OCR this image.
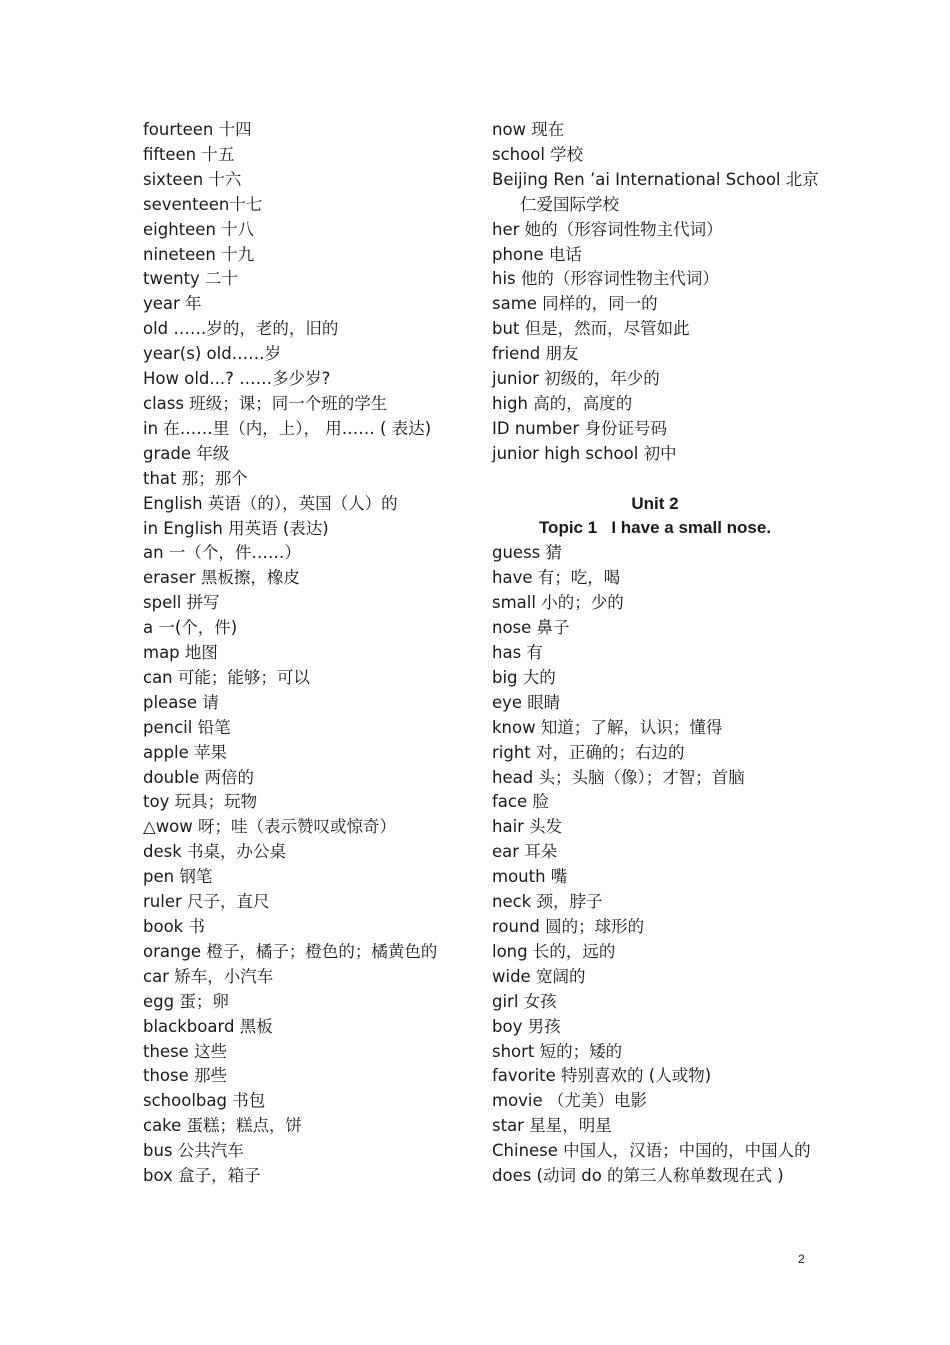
fourteen 十四
fifteen 十五
sixteen 十六
seventeen十七
eighteen 十八
nineteen 十九
twenty 二十
year 年
old ……岁的，老的，旧的
year(s) old……岁
How old...? ……多少岁?
class 班级；课；同一个班的学生
in 在……里（内，上）， 用…… ( 表达)
grade 年级
that 那；那个
English 英语（的），英国（人）的
in English 用英语 (表达)
an 一（个，件……）
eraser 黑板擦，橡皮
spell 拼写
a 一(个，件)
map 地图
can 可能；能够；可以
please 请
pencil 铅笔
apple 苹果
double 两倍的
toy 玩具；玩物
△wow 呀；哇（表示赞叹或惊奇）
desk 书桌，办公桌
pen 钢笔
ruler 尺子，直尺
book 书
orange 橙子，橘子；橙色的；橘黄色的
car 矫车，小汽车
egg 蛋；卵
blackboard 黑板
these 这些
those 那些
schoolbag 书包
cake 蛋糕；糕点，饼
bus 公共汽车
box 盒子，箱子
now 现在
school 学校
Beijing Ren ’ai International School 北京仁爱国际学校
her 她的（形容词性物主代词）
phone 电话
his 他的（形容词性物主代词）
same 同样的，同一的
but 但是，然而，尽管如此
friend 朋友
junior 初级的，年少的
high 高的，高度的
ID number 身份证号码
junior high school 初中
Unit 2
Topic 1   I have a small nose.
guess 猜
have 有；吃，喝
small 小的；少的
nose 鼻子
has 有
big 大的
eye 眼睛
know 知道；了解，认识；懂得
right 对，正确的；右边的
head 头；头脑（像）；才智；首脑
face 脸
hair 头发
ear 耳朵
mouth 嘴
neck 颈，脖子
round 圆的；球形的
long 长的，远的
wide 宽阔的
girl 女孩
boy 男孩
short 短的；矮的
favorite 特别喜欢的 (人或物)
movie （尤美）电影
star 星星，明星
Chinese 中国人，汉语；中国的，中国人的
does (动词 do 的第三人称单数现在式 )
2
